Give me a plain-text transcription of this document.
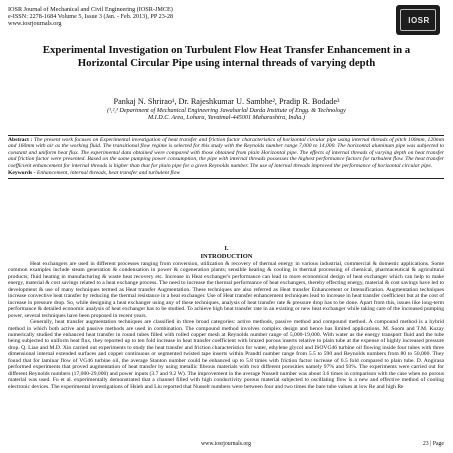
IOSR Journal of Mechanical and Civil Engineering (IOSR-JMCE)
e-ISSN: 2278-1684 Volume 5, Issue 3 (Jan. - Feb. 2013), PP 23-28
www.iosrjournals.org	IOSR
Experimental Investigation on Turbulent Flow Heat Transfer Enhancement in a Horizontal Circular Pipe using internal threads of varying depth
Pankaj N. Shrirao¹, Dr. Rajeshkumar U. Sambhe², Pradip R. Bodade³
(¹,²,³ Department of Mechanical Engineering Jawaharlal Darda Institute of Engg. & Technology
M.I.D.C. Area, Lohara, Yavatmal-445001 Maharashtra, India.)
Abstract : The present work focuses on Experimental investigation of heat transfer and friction factor characteristics of horizontal circular pipe using internal threads of pitch 100mm, 120mm and 160mm with air as the working fluid. The transitional flow regime is selected for this study with the Reynolds number range 7,000 to 14,000. The horizontal aluminum pipe was subjected to constant and uniform heat flux. The experimental data obtained were compared with those obtained from plain Horizontal pipe. The effects of internal threads of varying depth on heat transfer and friction factor were presented. Based on the same pumping power consumption, the pipe with internal threads possesses the highest performance factors for turbulent flow. The heat transfer coefficient enhancement for internal threads is higher than that for plain pipe for a given Reynolds number. The use of internal threads improved the performance of horizontal circular pipe.
Keywords - Enhancement, internal threads, heat transfer and turbulent flow
I.
INTRODUCTION

Heat exchangers are used in different processes ranging from conversion, utilization & recovery of thermal energy in various industrial, commercial & domestic applications. Some common examples include steam generation & condensation in power & cogeneration plants; sensible heating & cooling in thermal processing of chemical, pharmaceutical & agricultural products; fluid heating in manufacturing & waste heat recovery etc. Increase in Heat exchanger's performance can lead to more economical design of heat exchanger which can help to make energy, material & cost savings related to a heat exchange process. The need to increase the thermal performance of heat exchangers, thereby effecting energy, material & cost savings have led to development & use of many techniques termed as Heat transfer Augmentation. These techniques are also referred as Heat transfer Enhancement or Intensification. Augmentation techniques increase convective heat transfer by reducing the thermal resistance in a heat exchanger. Use of Heat transfer enhancement techniques lead to increase in heat transfer coefficient but at the cost of increase in pressure drop. So, while designing a heat exchanger using any of these techniques, analysis of heat transfer rate & pressure drop has to be done. Apart from this, issues like long-term performance & detailed economic analysis of heat exchanger has to be studied. To achieve high heat transfer rate in an existing or new heat exchanger while taking care of the increased pumping power, several techniques have been proposed in recent years.

Generally, heat transfer augmentation techniques are classified in three broad categories: active methods, passive method and compound method. A compound method is a hybrid method in which both active and passive methods are used in combination. The compound method involves complex design and hence has limited applications. M. Soom and T.M. Kuzay numerically studied the enhanced heat transfer in round tubes filled with rolled copper mesh at Reynolds number range of 5,000-19,000. With water as the energy transport fluid and the tube being subjected to uniform heat flux, they reported up to ten fold increase in heat transfer coefficient with brazed porous inserts relative to plain tube at the expense of highly increased pressure drop. Q. Liao and M.D. Xin carried out experiments to study the heat transfer and friction characteristics for water, ethylene glycol and ISOVG46 turbine oil flowing inside four tubes with three dimensional internal extended surfaces and copper continuous or segmented twisted tape inserts within Prandtl number range from 5.5 to 590 and Reynolds numbers from 80 to 50,000. They found that for laminar flow of VG46 turbine oil, the average Stanton number could be enhanced up to 5.8 times with friction factor increase of 6.5 fold compared to plain tube. D. Angirasa performed experiments that proved augmentation of heat transfer by using metallic fibrous materials with two different porosities namely 97% and 93%. The experiments were carried out for different Reynolds numbers (17,000-29,000) and power inputs (3.7 and 9.2 W). The improvement in the average Nusselt number was about 3.6 times in comparison with the case when no porous material was used. Fu et al. experimentally demonstrated that a channel filled with high conductivity porous material subjected to oscillating flow is a new and effective method of cooling electronic devices. The experimental investigations of Hsieh and Liu reported that Nusselt numbers were between four and two times the bare tube values at low Re and high Re

www.iosrjournals.org	23 | Page
